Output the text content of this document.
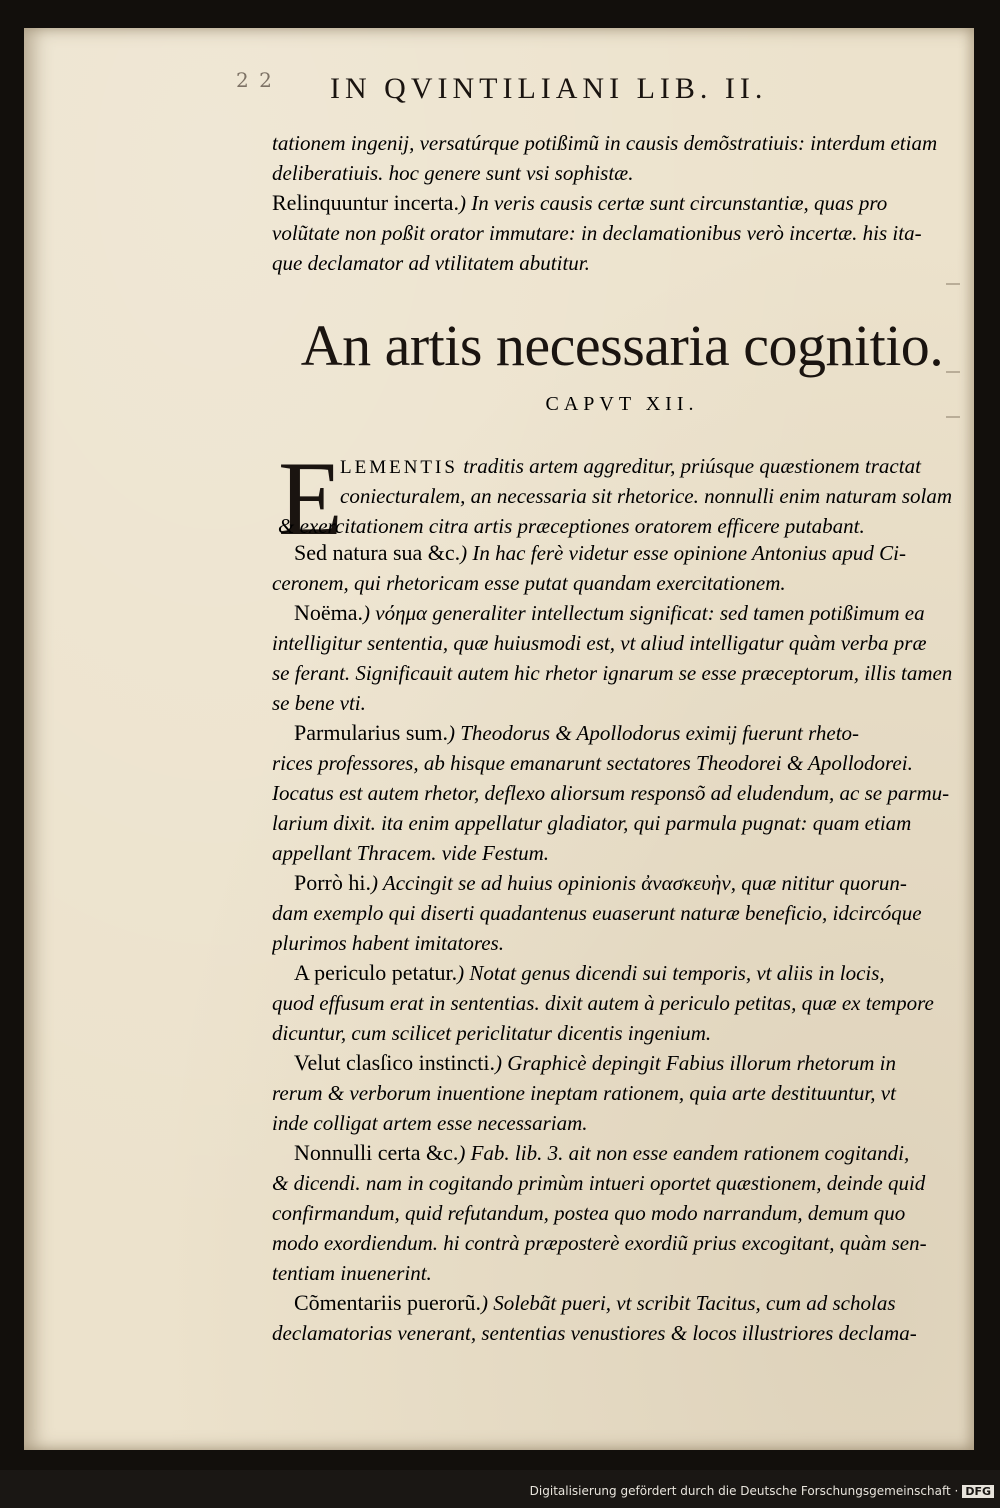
2 2 IN QVINTILIANI LIB. II.
tationem ingenij, versatúrque potißimũ in causis demõstratiuis: interdum etiam
deliberatiuis. hoc genere sunt vsi sophistæ.
Relinquuntur incerta.) In veris causis certæ sunt circunstantiæ, quas pro
volũtate non poßit orator immutare: in declamationibus verò incertæ. his ita-
que declamator ad vtilitatem abutitur.
An artis necessaria cognitio.
CAPVT XII.
E
LEMENTIS traditis artem aggreditur, priúsque quæstionem tractat
coniecturalem, an necessaria sit rhetorice. nonnulli enim naturam solam
& exercitationem citra artis præceptiones oratorem efficere putabant.
Sed natura sua &c.) In hac ferè videtur esse opinione Antonius apud Ci-
ceronem, qui rhetoricam esse putat quandam exercitationem.
Noëma.) νόημα generaliter intellectum significat: sed tamen potißimum ea
intelligitur sententia, quæ huiusmodi est, vt aliud intelligatur quàm verba præ
se ferant. Significauit autem hic rhetor ignarum se esse præceptorum, illis tamen
se bene vti.
Parmularius sum.) Theodorus & Apollodorus eximij fuerunt rheto-
rices professores, ab hisque emanarunt sectatores Theodorei & Apollodorei.
Iocatus est autem rhetor, deflexo aliorsum responsõ ad eludendum, ac se parmu-
larium dixit. ita enim appellatur gladiator, qui parmula pugnat: quam etiam
appellant Thracem. vide Festum.
Porrò hi.) Accingit se ad huius opinionis ἀνασκευὴν, quæ nititur quorun-
dam exemplo qui diserti quadantenus euaserunt naturæ beneficio, idcircóque
plurimos habent imitatores.
A periculo petatur.) Notat genus dicendi sui temporis, vt aliis in locis,
quod effusum erat in sententias. dixit autem à periculo petitas, quæ ex tempore
dicuntur, cum scilicet periclitatur dicentis ingenium.
Velut clasſico instincti.) Graphicè depingit Fabius illorum rhetorum in
rerum & verborum inuentione ineptam rationem, quia arte destituuntur, vt
inde colligat artem esse necessariam.
Nonnulli certa &c.) Fab. lib. 3. ait non esse eandem rationem cogitandi,
& dicendi. nam in cogitando primùm intueri oportet quæstionem, deinde quid
confirmandum, quid refutandum, postea quo modo narrandum, demum quo
modo exordiendum. hi contrà præposterè exordiũ prius excogitant, quàm sen-
tentiam inuenerint.
Cõmentariis puerorũ.) Solebãt pueri, vt scribit Tacitus, cum ad scholas
declamatorias venerant, sententias venustiores & locos illustriores declama-
Digitalisierung gefördert durch die Deutsche Forschungsgemeinschaft · DFG
